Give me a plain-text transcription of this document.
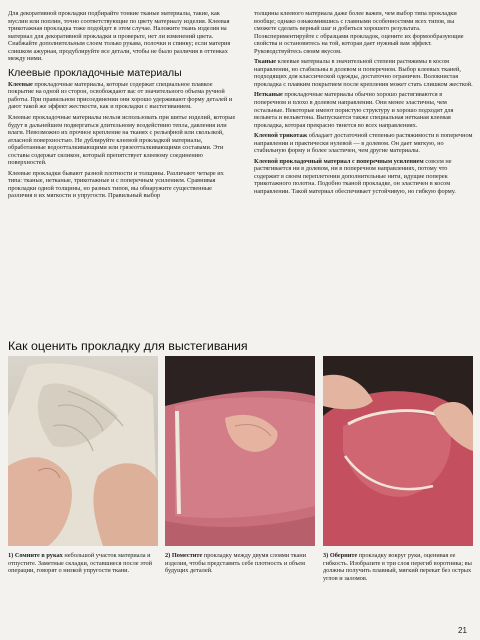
Для декоративной прокладки подбирайте тонкие тканые материалы, такие, как муслин или поплин, точно соответствующие по цвету материалу изделия. Клеевая трикотажная прокладка тоже подойдет в этом случае. Наложите ткань изделия на материал для декоративной прокладки и проверьте, нет ли изменений цвета. Снабжайте дополнительным слоем только рукава, полочки и спинку; если материя слишком ажурная, продублируйте все детали, чтобы не было различия в оттенках между ними.

Клеевые прокладочные материалы

Клеевые прокладочные материалы, которые содержат специальное плавкое покрытие на одной из сторон, освобождают вас от значительного объема ручной работы. При правильном присоединении они хорошо удерживают форму деталей и дают такой же эффект жесткости, как и прокладки с выстегиванием.

Клеевые прокладочные материалы нельзя использовать при шитье изделий, которые будут в дальнейшем подвергаться длительному воздействию тепла, давления или влаги. Невозможно их прочное крепление на тканях с рельефной или скользкой, атласной поверхностью. Не дублируйте клеевой прокладкой материалы, обработанные водоотталкивающими или грязеотталкивающими составами. Эти составы содержат силикон, который препятствует клеевому соединению поверхностей.

Клеевые прокладки бывают разной плотности и толщины. Различают четыре их типа: тканые, нетканые, трикотажные и с поперечным усилением. Сравнивая прокладки одной толщины, но разных типов, вы обнаружите существенные различия в их мягкости и упругости. Правильный выбор

толщины клеевого материала даже более важен, чем выбор типа прокладки вообще; однако ознакомившись с главными особенностями всех типов, вы сможете сделать верный шаг и добиться хорошего результата. Поэкспериментируйте с образцами прокладок, оцените их формообразующие свойства и остановитесь на той, которая дает нужный вам эффект. Руководствуйтесь своим вкусом.

Тканые клеевые материалы в значительной степени растяжимы в косом направлении, но стабильны в долевом и поперечном. Выбор клеевых тканей, подходящих для классической одежды, достаточно ограничен. Волокнистая прокладка с плавким покрытием после крепления может стать слишком жесткой.

Нетканые прокладочные материалы обычно хорошо растягиваются в поперечном и плохо в долевом направлении. Они менее эластичны, чем остальные. Некоторые имеют пористую структуру и хорошо подходят для вельвета и вельветона. Выпускается также специальная нетканая клеевая прокладка, которая прекрасно тянется во всех направлениях.

Клеевой трикотаж обладает достаточной степенью растяжимости в поперечном направлении и практически нулевой — в долевом. Он дает мягкую, но стабильную форму и более эластичен, чем другие материалы.

Клеевой прокладочный материал с поперечным усилением совсем не растягивается ни в долевом, ни в поперечном направлениях, потому что содержит в своем переплетении дополнительные нити, идущие поперек трикотажного полотна. Подобно тканой прокладке, он эластичен в косом направлении. Такой материал обеспечивает устойчивую, но гибкую форму.

Как оценить прокладку для выстегивания
1) Сомните в руках небольшой участок материала и отпустите. Заметные складки, оставшиеся после этой операции, говорят о низкой упругости ткани.
2) Поместите прокладку между двумя слоями ткани изделия, чтобы представить себе плотность и объем будущих деталей.
3) Оберните прокладку вокруг руки, оценивая ее гибкость. Изобразите в три слоя перегиб воротника; вы должны получить плавный, мягкий перекат без острых углов и заломов.
21
